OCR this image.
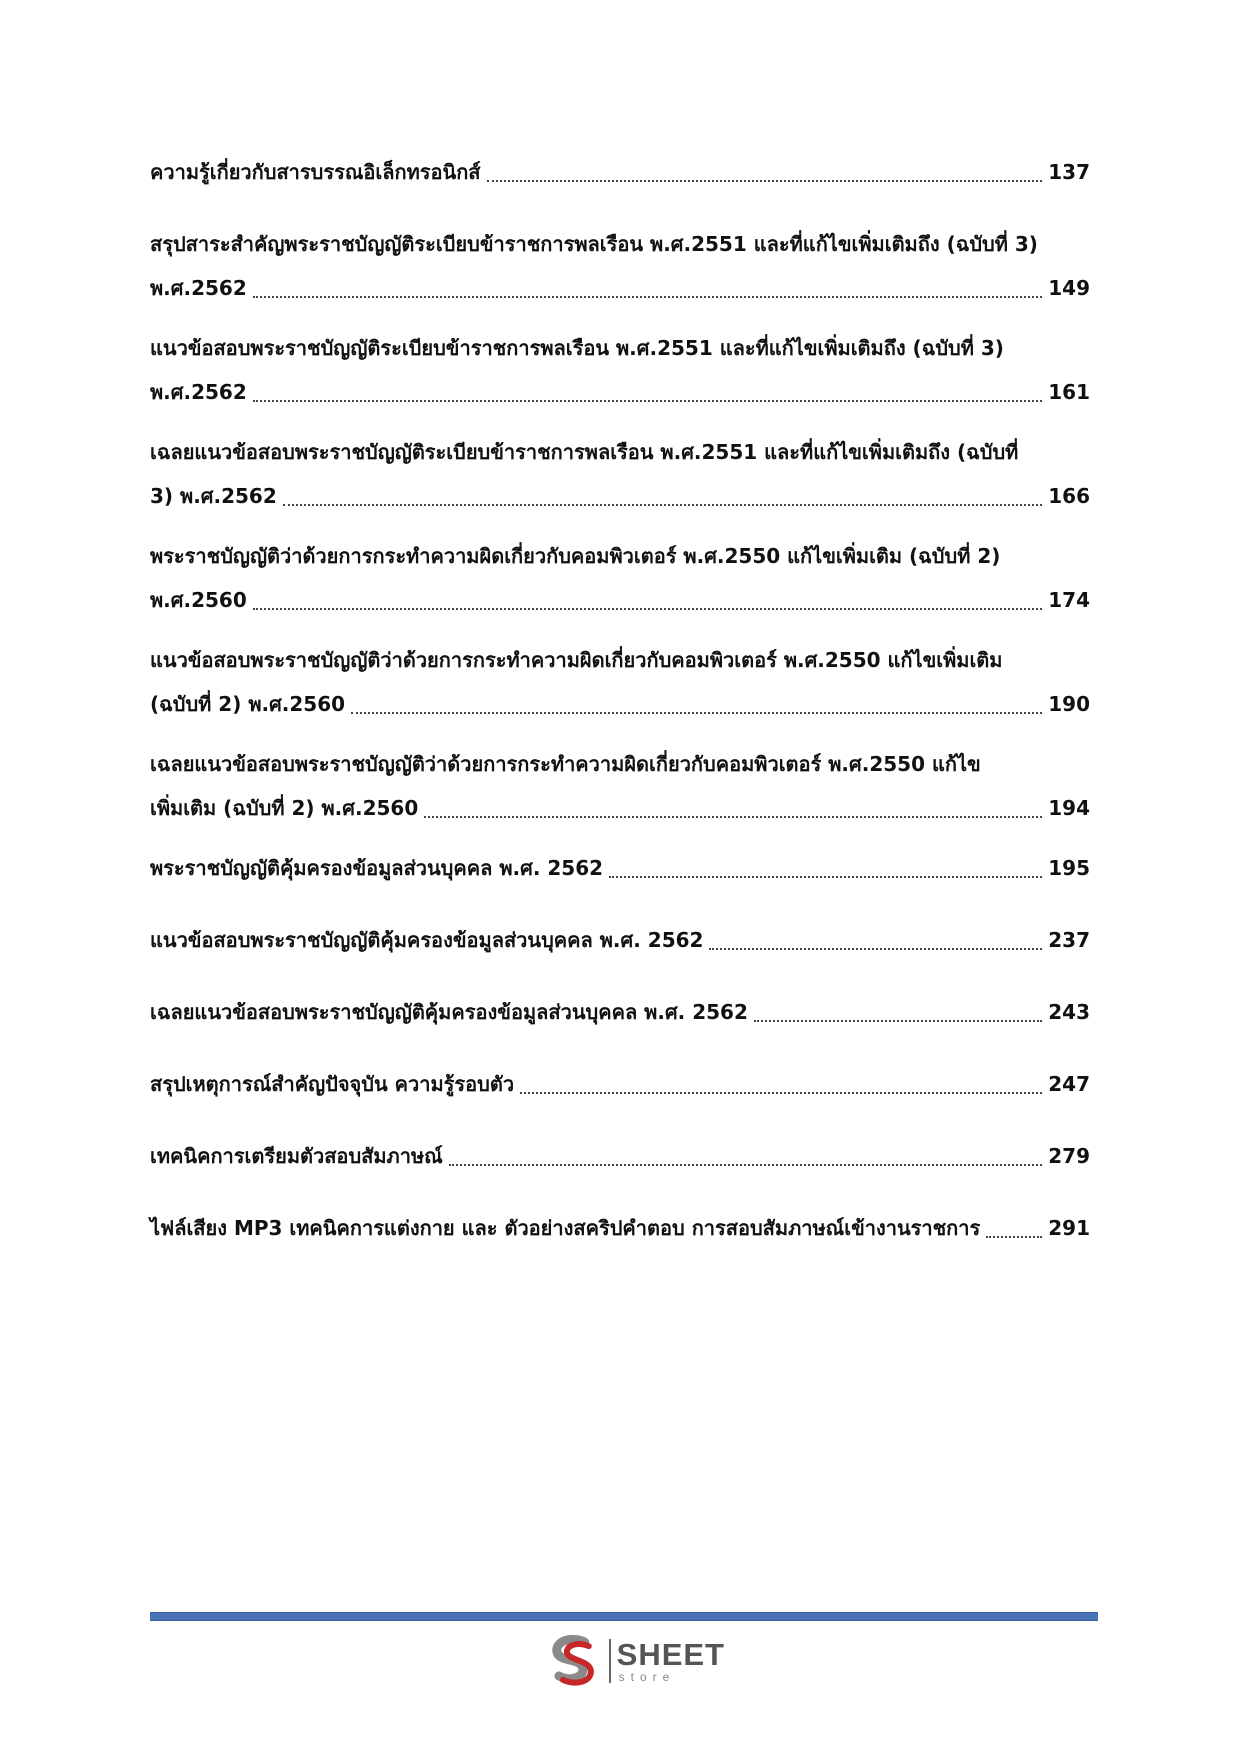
ความรู้เกี่ยวกับสารบรรณอิเล็กทรอนิกส์	137
สรุปสาระสำคัญพระราชบัญญัติระเบียบข้าราชการพลเรือน พ.ศ.2551 และที่แก้ไขเพิ่มเติมถึง (ฉบับที่ 3)
พ.ศ.2562	149
แนวข้อสอบพระราชบัญญัติระเบียบข้าราชการพลเรือน พ.ศ.2551 และที่แก้ไขเพิ่มเติมถึง (ฉบับที่ 3)
พ.ศ.2562	161
เฉลยแนวข้อสอบพระราชบัญญัติระเบียบข้าราชการพลเรือน พ.ศ.2551 และที่แก้ไขเพิ่มเติมถึง (ฉบับที่
3) พ.ศ.2562	166
พระราชบัญญัติว่าด้วยการกระทำความผิดเกี่ยวกับคอมพิวเตอร์ พ.ศ.2550 แก้ไขเพิ่มเติม (ฉบับที่ 2)
พ.ศ.2560	174
แนวข้อสอบพระราชบัญญัติว่าด้วยการกระทำความผิดเกี่ยวกับคอมพิวเตอร์ พ.ศ.2550 แก้ไขเพิ่มเติม
(ฉบับที่ 2) พ.ศ.2560	190
เฉลยแนวข้อสอบพระราชบัญญัติว่าด้วยการกระทำความผิดเกี่ยวกับคอมพิวเตอร์ พ.ศ.2550 แก้ไข
เพิ่มเติม (ฉบับที่ 2) พ.ศ.2560	194
พระราชบัญญัติคุ้มครองข้อมูลส่วนบุคคล พ.ศ. 2562	195
แนวข้อสอบพระราชบัญญัติคุ้มครองข้อมูลส่วนบุคคล พ.ศ. 2562	237
เฉลยแนวข้อสอบพระราชบัญญัติคุ้มครองข้อมูลส่วนบุคคล พ.ศ. 2562	243
สรุปเหตุการณ์สำคัญปัจจุบัน ความรู้รอบตัว	247
เทคนิคการเตรียมตัวสอบสัมภาษณ์	279
ไฟล์เสียง MP3 เทคนิคการแต่งกาย และ ตัวอย่างสคริปคำตอบ การสอบสัมภาษณ์เข้างานราชการ	291
SHEET
store
